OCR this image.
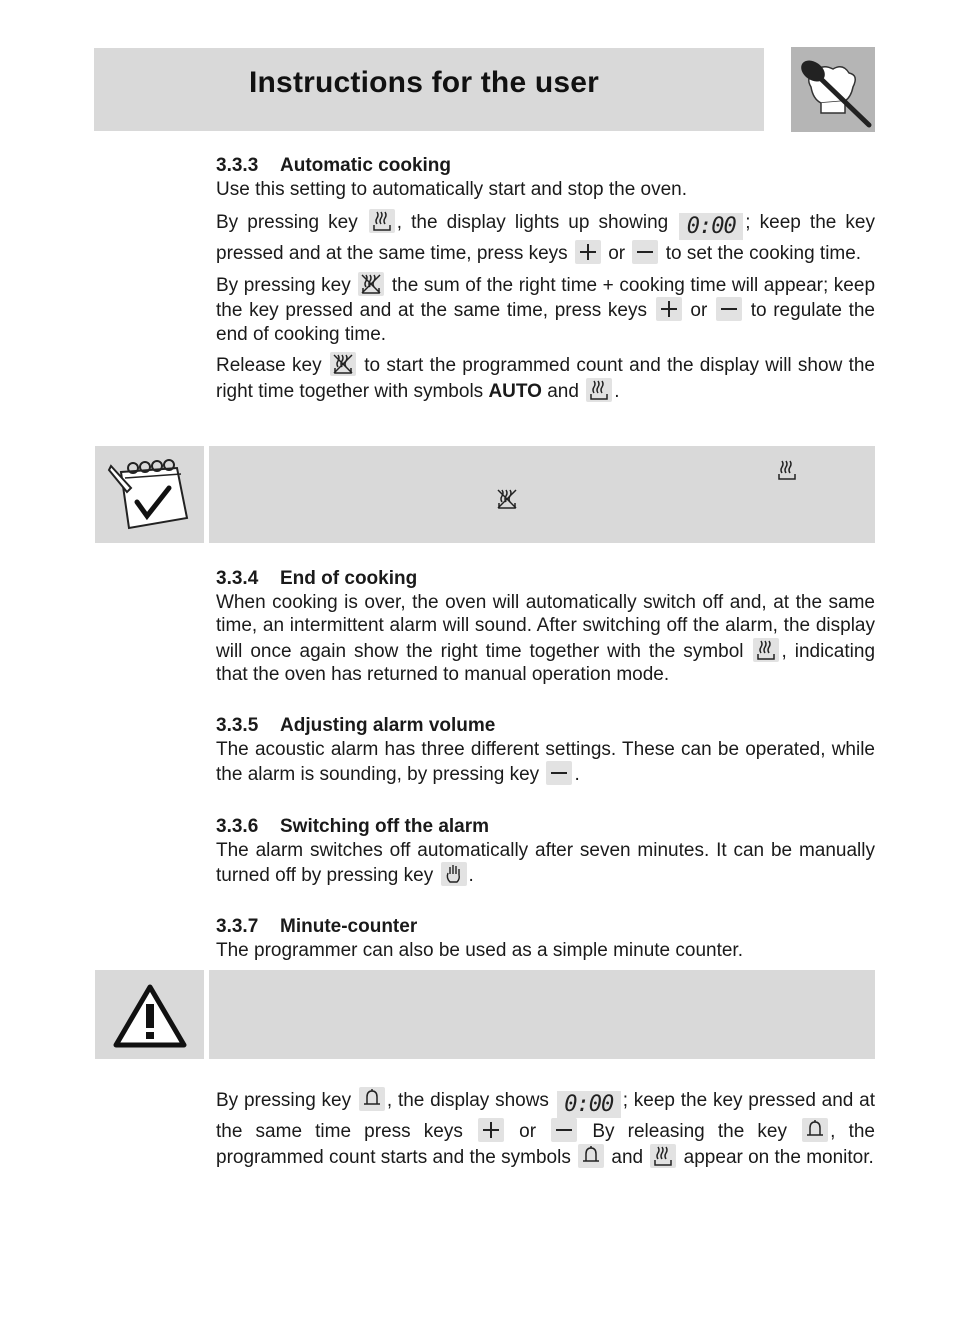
Instructions for the user
3.3.3 Automatic cooking

Use this setting to automatically start and stop the oven.

By pressing key , the display lights up showing 0:00 ; keep the key pressed and at the same time, press keys or to set the cooking time.

By pressing key the sum of the right time + cooking time will appear; keep the key pressed and at the same time, press keys or to regulate the end of cooking time.

Release key to start the programmed count and the display will show the right time together with symbols AUTO and .

3.3.4 End of cooking

When cooking is over, the oven will automatically switch off and, at the same time, an intermittent alarm will sound. After switching off the alarm, the display will once again show the right time together with the symbol , indicating that the oven has returned to manual operation mode.

3.3.5 Adjusting alarm volume

The acoustic alarm has three different settings. These can be operated, while the alarm is sounding, by pressing key .

3.3.6 Switching off the alarm

The alarm switches off automatically after seven minutes. It can be manually turned off by pressing key .

3.3.7 Minute-counter

The programmer can also be used as a simple minute counter.

By pressing key , the display shows 0:00 ; keep the key pressed and at the same time press keys	or	By releasing the key , the programmed count starts and the symbols and appear on the monitor.
